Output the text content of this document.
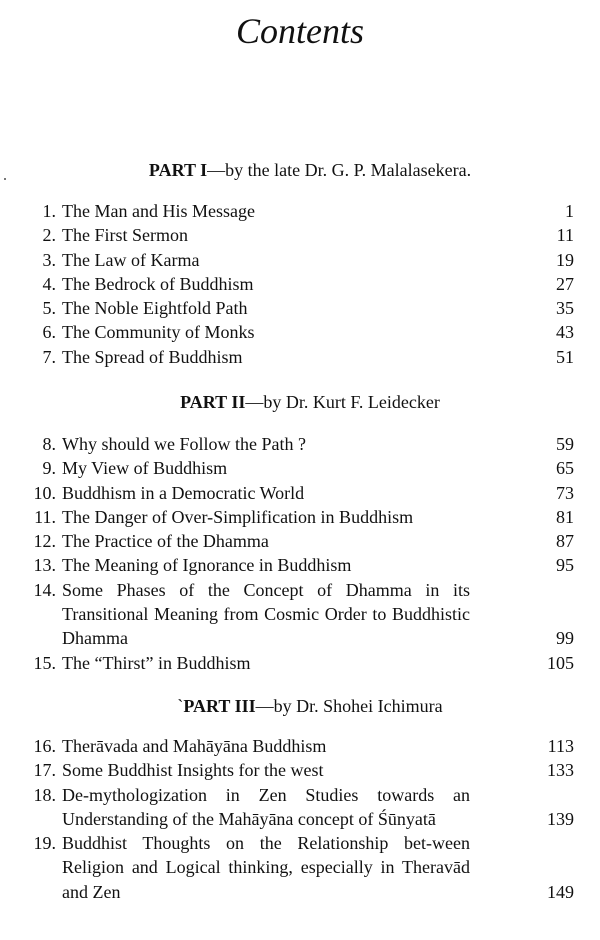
Contents
PART I—by the late Dr. G. P. Malalasekera.
1. The Man and His Message	1
2. The First Sermon	11
3. The Law of Karma	19
4. The Bedrock of Buddhism	27
5. The Noble Eightfold Path	35
6. The Community of Monks	43
7. The Spread of Buddhism	51
PART II—by Dr. Kurt F. Leidecker
8. Why should we Follow the Path ?	59
9. My View of Buddhism	65
10. Buddhism in a Democratic World	73
11. The Danger of Over-Simplification in Buddhism	81
12. The Practice of the Dhamma	87
13. The Meaning of Ignorance in Buddhism	95
14. Some Phases of the Concept of Dhamma in its Transitional Meaning from Cosmic Order to Buddhistic Dhamma	99
15. The “Thirst” in Buddhism	105
`PART III—by Dr. Shohei Ichimura
16. Therāvada and Mahāyāna Buddhism	113
17. Some Buddhist Insights for the west	133
18. De-mythologization in Zen Studies towards an Understanding of the Mahāyāna concept of Śūnyatā	139
19. Buddhist Thoughts on the Relationship bet-ween Religion and Logical thinking, especially in Theravād and Zen	149
